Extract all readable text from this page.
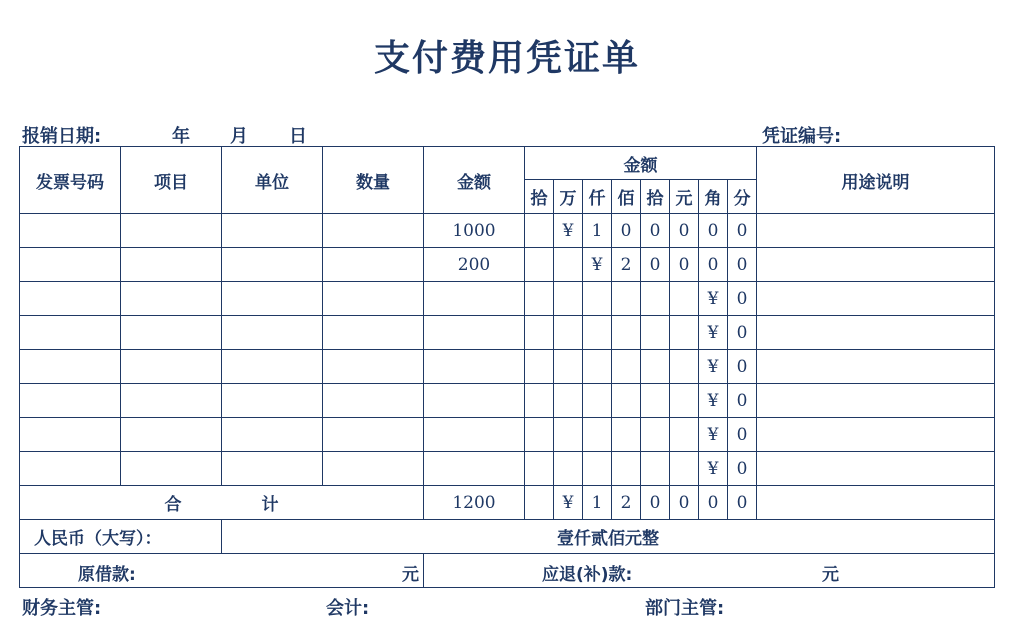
支付费用凭证单
报销日期:	年 月 日	凭证编号:
发票号码	项目	单位	数量	金额	金额								用途说明
					拾	万	仟	佰	拾	元	角	分	
				1000		¥	1	0	0	0	0	0	
				200			¥	2	0	0	0	0	
											¥	0	
											¥	0	
											¥	0	
											¥	0	
											¥	0	
											¥	0	
合 计				1200		¥	1	2	0	0	0	0	
人民币（大写）：		壹仟贰佰元整											

原借款: 元				应退(补)款: 元									
财务主管:	会计:	部门主管:
